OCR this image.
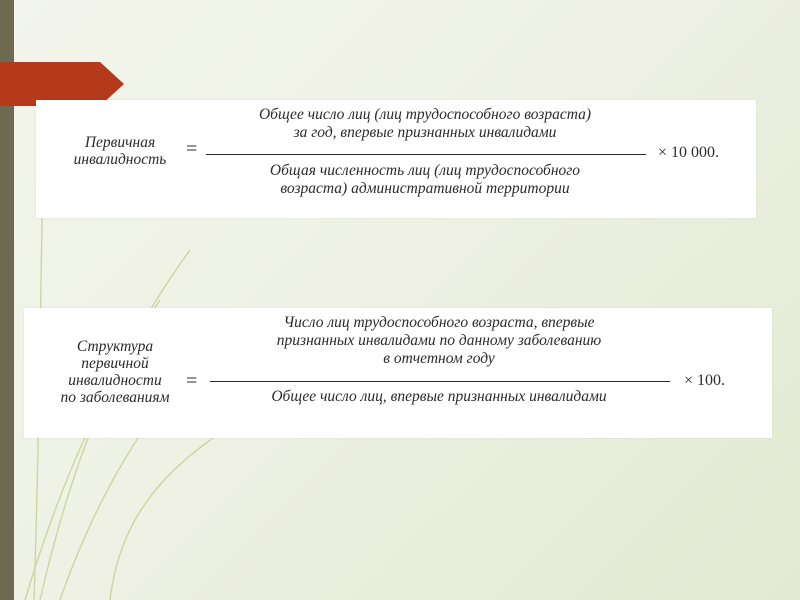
Первичная
инвалидность =
Общее число лиц (лиц трудоспособного возраста)
за год, впервые признанных инвалидами
Общая численность лиц (лиц трудоспособного
возраста) административной территории
× 10 000.
Структура
первичной
инвалидности
по заболеваниям
=
Число лиц трудоспособного возраста, впервые
признанных инвалидами по данному заболеванию
в отчетном году
Общее число лиц, впервые признанных инвалидами
× 100.
